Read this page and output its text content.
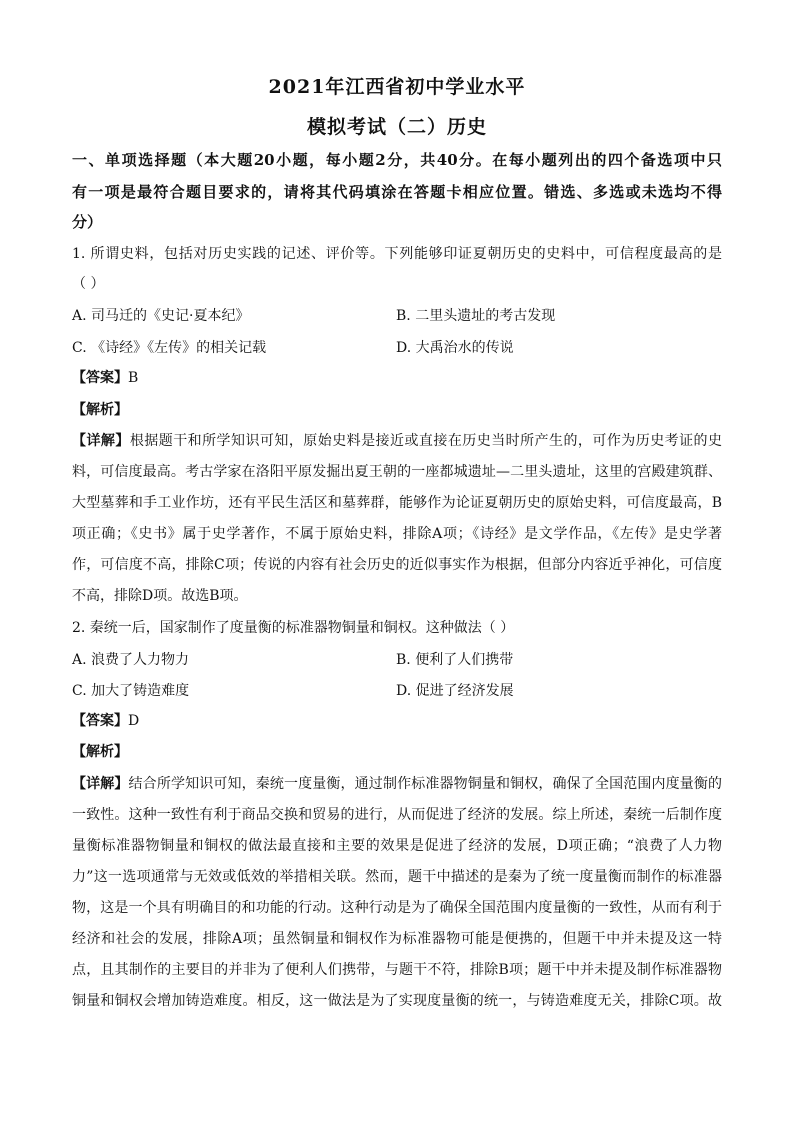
2021年江西省初中学业水平
模拟考试（二）历史
一、单项选择题（本大题20小题，每小题2分，共40分。在每小题列出的四个备选项中只
有一项是最符合题目要求的，请将其代码填涂在答题卡相应位置。错选、多选或未选均不得
分）
1. 所谓史料，包括对历史实践的记述、评价等。下列能够印证夏朝历史的史料中，可信程度最高的是
（ ）
A. 司马迁的《史记·夏本纪》	B. 二里头遗址的考古发现
C. 《诗经》《左传》的相关记载	D. 大禹治水的传说
【答案】B
【解析】
【详解】根据题干和所学知识可知，原始史料是接近或直接在历史当时所产生的，可作为历史考证的史
料，可信度最高。考古学家在洛阳平原发掘出夏王朝的一座都城遗址—二里头遗址，这里的宫殿建筑群、
大型墓葬和手工业作坊，还有平民生活区和墓葬群，能够作为论证夏朝历史的原始史料，可信度最高，B
项正确；《史书》属于史学著作，不属于原始史料，排除A项；《诗经》是文学作品，《左传》是史学著
作，可信度不高，排除C项；传说的内容有社会历史的近似事实作为根据，但部分内容近乎神化，可信度
不高，排除D项。故选B项。
2. 秦统一后，国家制作了度量衡的标准器物铜量和铜权。这种做法（ ）
A. 浪费了人力物力	B. 便利了人们携带
C. 加大了铸造难度	D. 促进了经济发展
【答案】D
【解析】
【详解】结合所学知识可知，秦统一度量衡，通过制作标准器物铜量和铜权，确保了全国范围内度量衡的
一致性。这种一致性有利于商品交换和贸易的进行，从而促进了经济的发展。综上所述，秦统一后制作度
量衡标准器物铜量和铜权的做法最直接和主要的效果是促进了经济的发展，D项正确；“浪费了人力物
力”这一选项通常与无效或低效的举措相关联。然而，题干中描述的是秦为了统一度量衡而制作的标准器
物，这是一个具有明确目的和功能的行动。这种行动是为了确保全国范围内度量衡的一致性，从而有利于
经济和社会的发展，排除A项；虽然铜量和铜权作为标准器物可能是便携的，但题干中并未提及这一特
点，且其制作的主要目的并非为了便利人们携带，与题干不符，排除B项；题干中并未提及制作标准器物
铜量和铜权会增加铸造难度。相反，这一做法是为了实现度量衡的统一，与铸造难度无关，排除C项。故
